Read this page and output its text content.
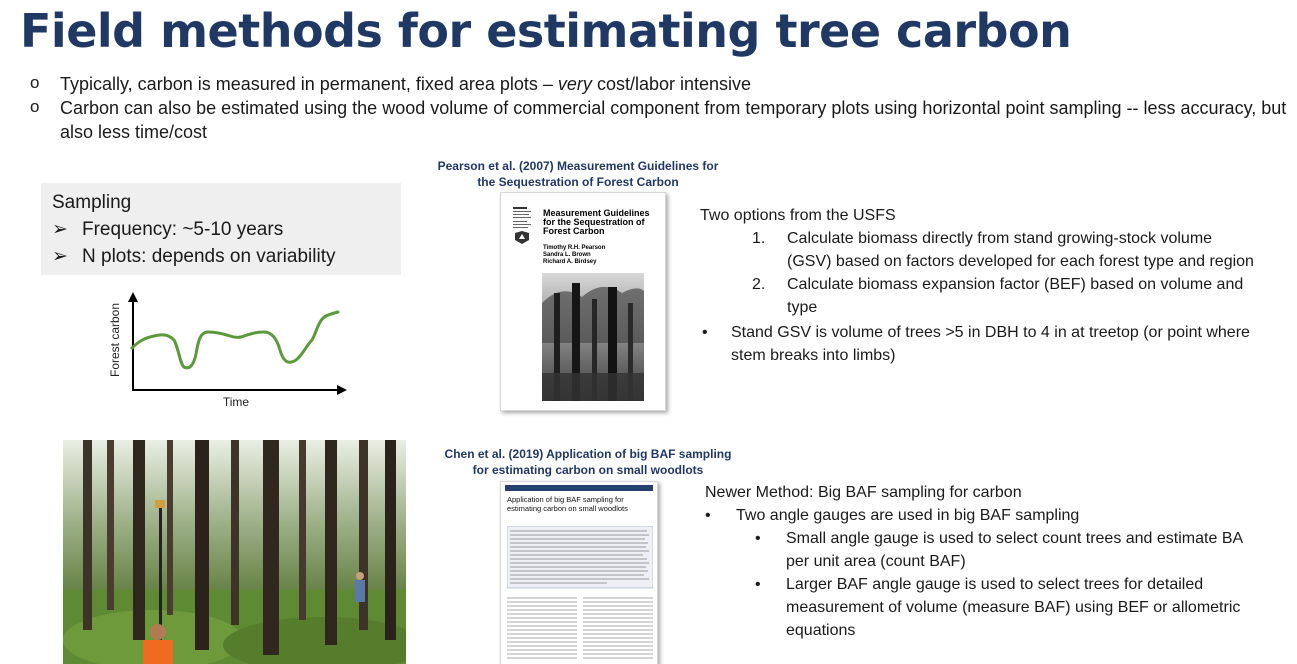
Field methods for estimating tree carbon
o Typically, carbon is measured in permanent, fixed area plots – very cost/labor intensive
o Carbon can also be estimated using the wood volume of commercial component from temporary plots using horizontal point sampling -- less accuracy, but also less time/cost
Sampling
➢ Frequency: ~5-10 years
➢ N plots: depends on variability
Forest carbon
Time
Pearson et al. (2007) Measurement Guidelines for
the Sequestration of Forest Carbon
Measurement Guidelines
for the Sequestration of
Forest Carbon
Timothy R.H. Pearson
Sandra L. Brown
Richard A. Birdsey
Two options from the USFS
1. Calculate biomass directly from stand growing-stock volume (GSV) based on factors developed for each forest type and region
2. Calculate biomass expansion factor (BEF) based on volume and type
• Stand GSV is volume of trees >5 in DBH to 4 in at treetop (or point where stem breaks into limbs)
Chen et al. (2019) Application of big BAF sampling
for estimating carbon on small woodlots
Application of big BAF sampling for estimating carbon on small woodlots
Newer Method: Big BAF sampling for carbon
• Two angle gauges are used in big BAF sampling
• Small angle gauge is used to select count trees and estimate BA per unit area (count BAF)
• Larger BAF angle gauge is used to select trees for detailed measurement of volume (measure BAF) using BEF or allometric equations
